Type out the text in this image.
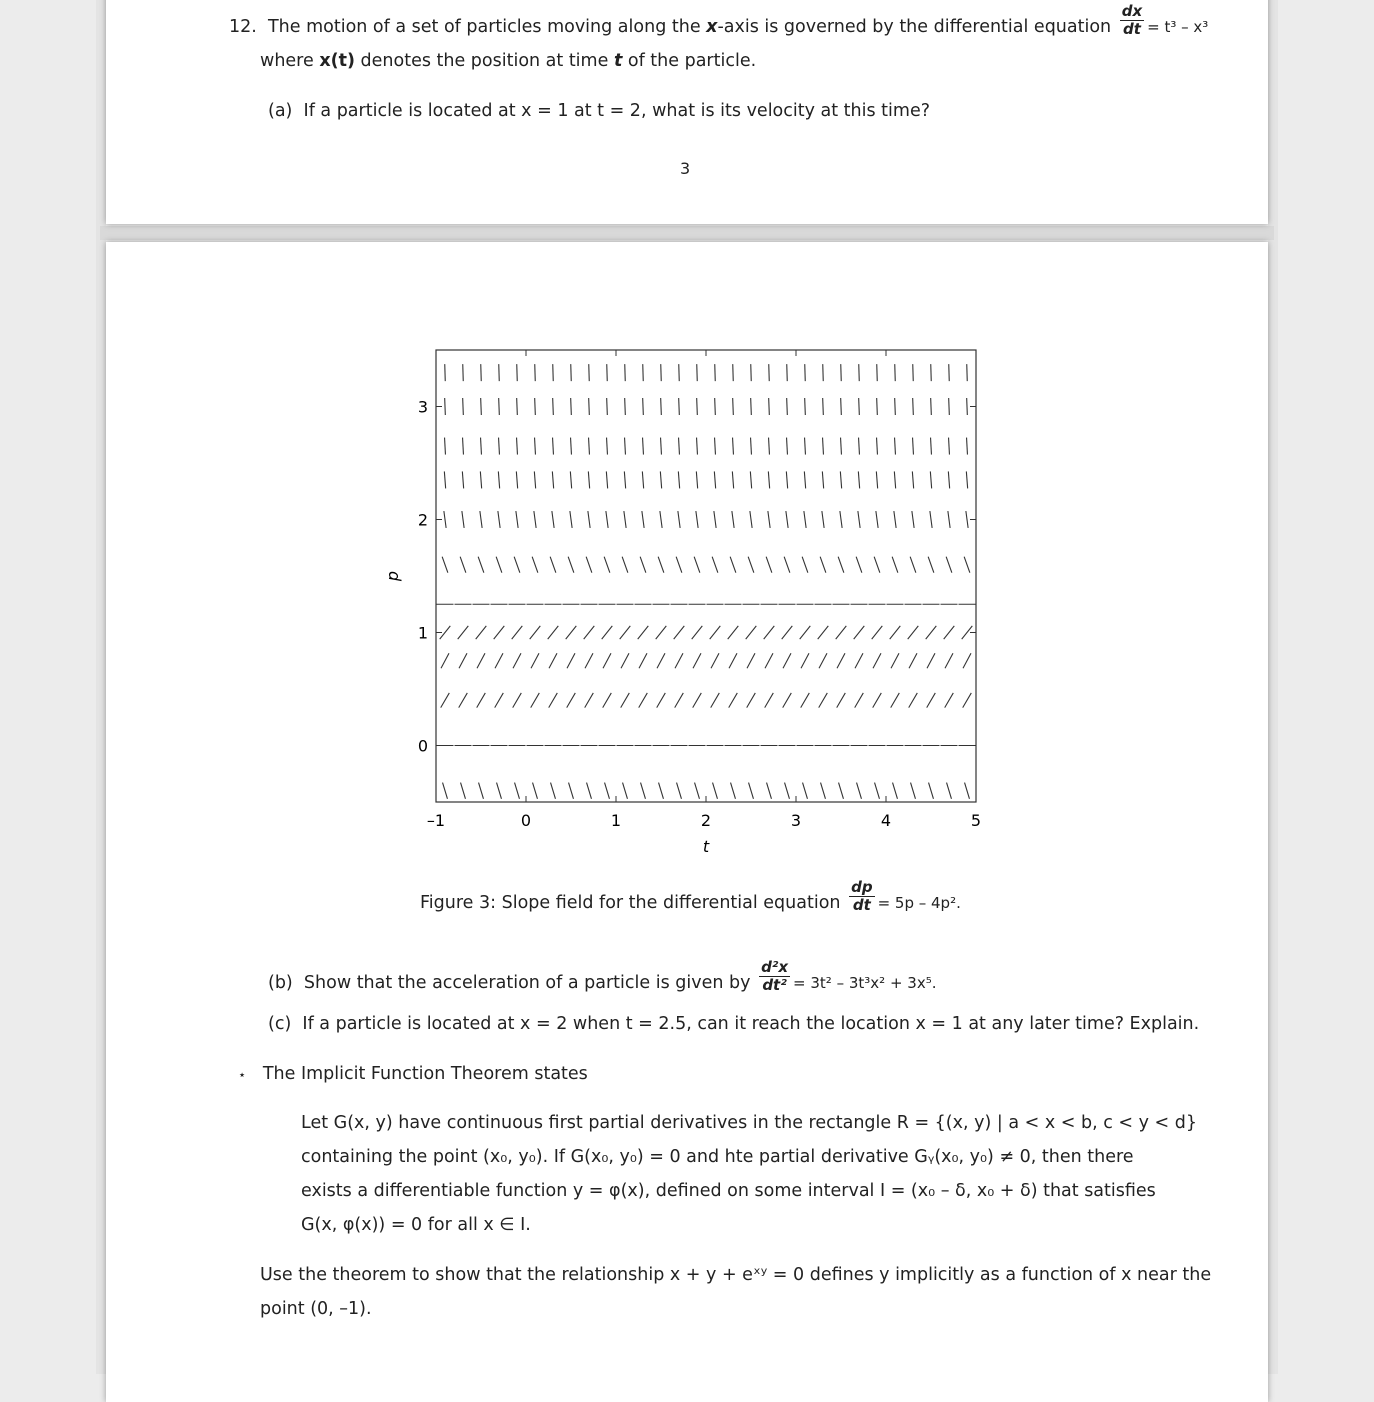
12. The motion of a set of particles moving along the x-axis is governed by the differential equation $\frac{dx}{dt} = t^3 - x^3$
where x(t) denotes the position at time t of the particle.
(a) If a particle is located at x = 1 at t = 2, what is its velocity at this time?
3
–1	0	1	2	3	4	5
0
1
2
3
t
p
Figure 3: Slope field for the differential equation $\frac{dp}{dt} = 5p - 4p^2$.
(b) Show that the acceleration of a particle is given by $\frac{\text{d²x}}{\text{dt²}} = 3t^2 - 3t^3x^2 + 3x^5$.
(c) If a particle is located at x = 2 when t = 2.5, can it reach the location x = 1 at any later time? Explain.
⋆ The Implicit Function Theorem states
Let G(x, y) have continuous first partial derivatives in the rectangle R = {(x, y) | a < x < b, c < y < d}
containing the point (x₀, y₀). If G(x₀, y₀) = 0 and hte partial derivative Gᵧ(x₀, y₀) ≠ 0, then there
exists a differentiable function y = φ(x), defined on some interval I = (x₀ – δ, x₀ + δ) that satisfies
G(x, φ(x)) = 0 for all x ∈ I.
Use the theorem to show that the relationship x + y + eˣʸ = 0 defines y implicitly as a function of x near the
point (0, –1).
